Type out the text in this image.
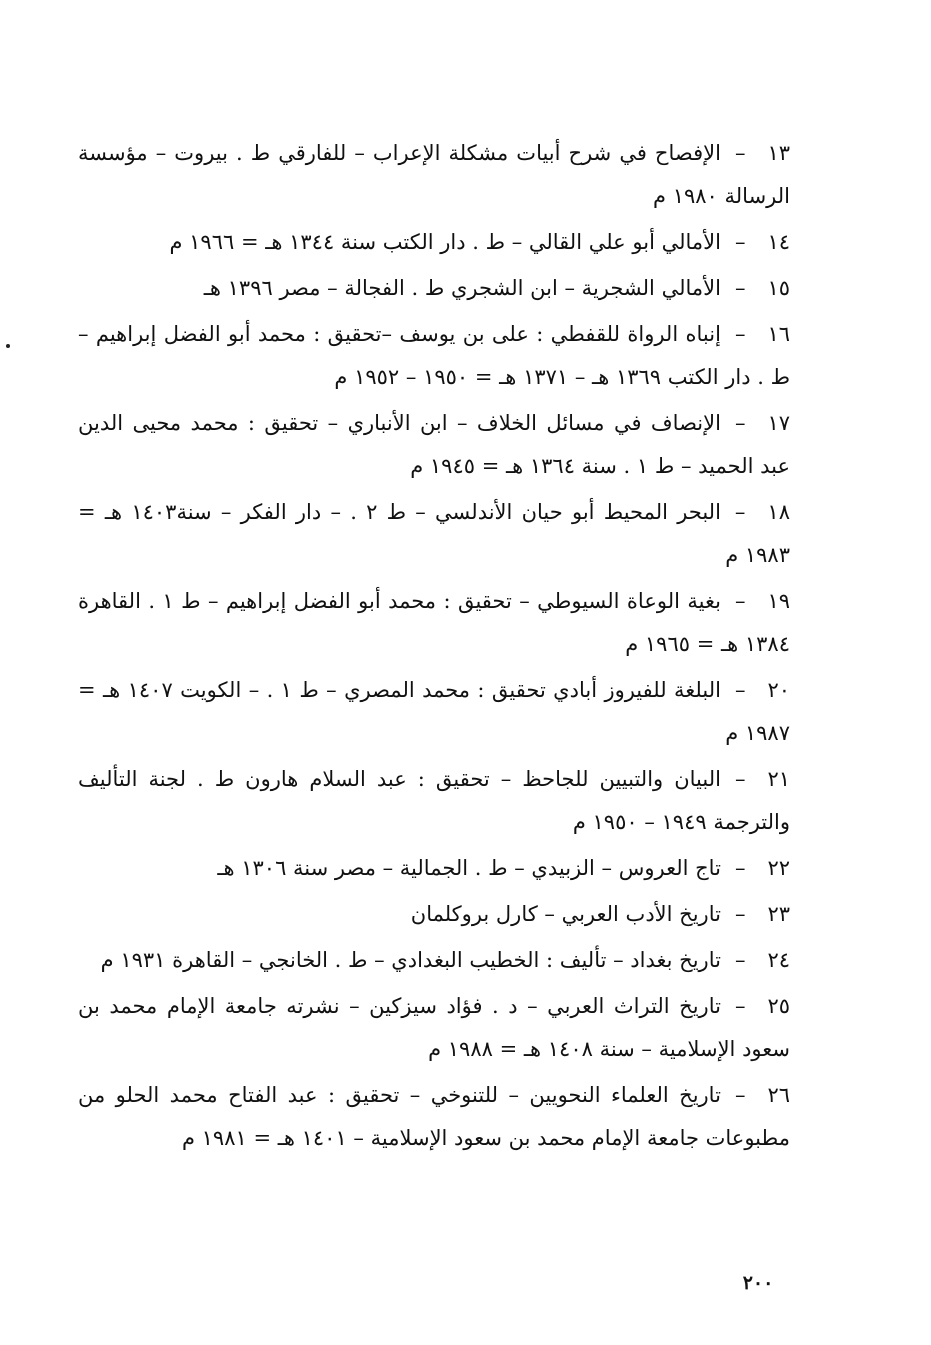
١٣–الإفصاح في شرح أبيات مشكلة الإعراب – للفارقي ط . بيروت – مؤسسة الرسالة ١٩٨٠ م

١٤–الأمالي أبو علي القالي – ط . دار الكتب سنة ١٣٤٤ هـ = ١٩٦٦ م

١٥–الأمالي الشجرية – ابن الشجري ط . الفجالة – مصر ١٣٩٦ هـ

١٦–إنباه الرواة للقفطي : على بن يوسف –تحقيق : محمد أبو الفضل إبراهيم – ط . دار الكتب ١٣٦٩ هـ – ١٣٧١ هـ = ١٩٥٠ – ١٩٥٢ م

١٧–الإنصاف في مسائل الخلاف – ابن الأنباري – تحقيق : محمد محيى الدين عبد الحميد – ط ١ . سنة ١٣٦٤ هـ = ١٩٤٥ م

١٨–البحر المحيط أبو حيان الأندلسي – ط ٢ . – دار الفكر – سنة١٤٠٣ هـ = ١٩٨٣ م

١٩–بغية الوعاة السيوطي – تحقيق : محمد أبو الفضل إبراهيم – ط ١ . القاهرة ١٣٨٤ هـ = ١٩٦٥ م

٢٠–البلغة للفيروز أبادي تحقيق : محمد المصري – ط ١ . – الكويت ١٤٠٧ هـ = ١٩٨٧ م

٢١–البيان والتبيين للجاحظ – تحقيق : عبد السلام هارون ط . لجنة التأليف والترجمة ١٩٤٩ – ١٩٥٠ م

٢٢–تاج العروس – الزبيدي – ط . الجمالية – مصر سنة ١٣٠٦ هـ

٢٣–تاريخ الأدب العربي – كارل بروكلمان

٢٤–تاريخ بغداد – تأليف : الخطيب البغدادي – ط . الخانجي – القاهرة ١٩٣١ م

٢٥–تاريخ التراث العربي – د . فؤاد سيزكين – نشرته جامعة الإمام محمد بن سعود الإسلامية – سنة ١٤٠٨ هـ = ١٩٨٨ م

٢٦–تاريخ العلماء النحويين – للتنوخي – تحقيق : عبد الفتاح محمد الحلو من مطبوعات جامعة الإمام محمد بن سعود الإسلامية – ١٤٠١ هـ = ١٩٨١ م

٢٠٠
